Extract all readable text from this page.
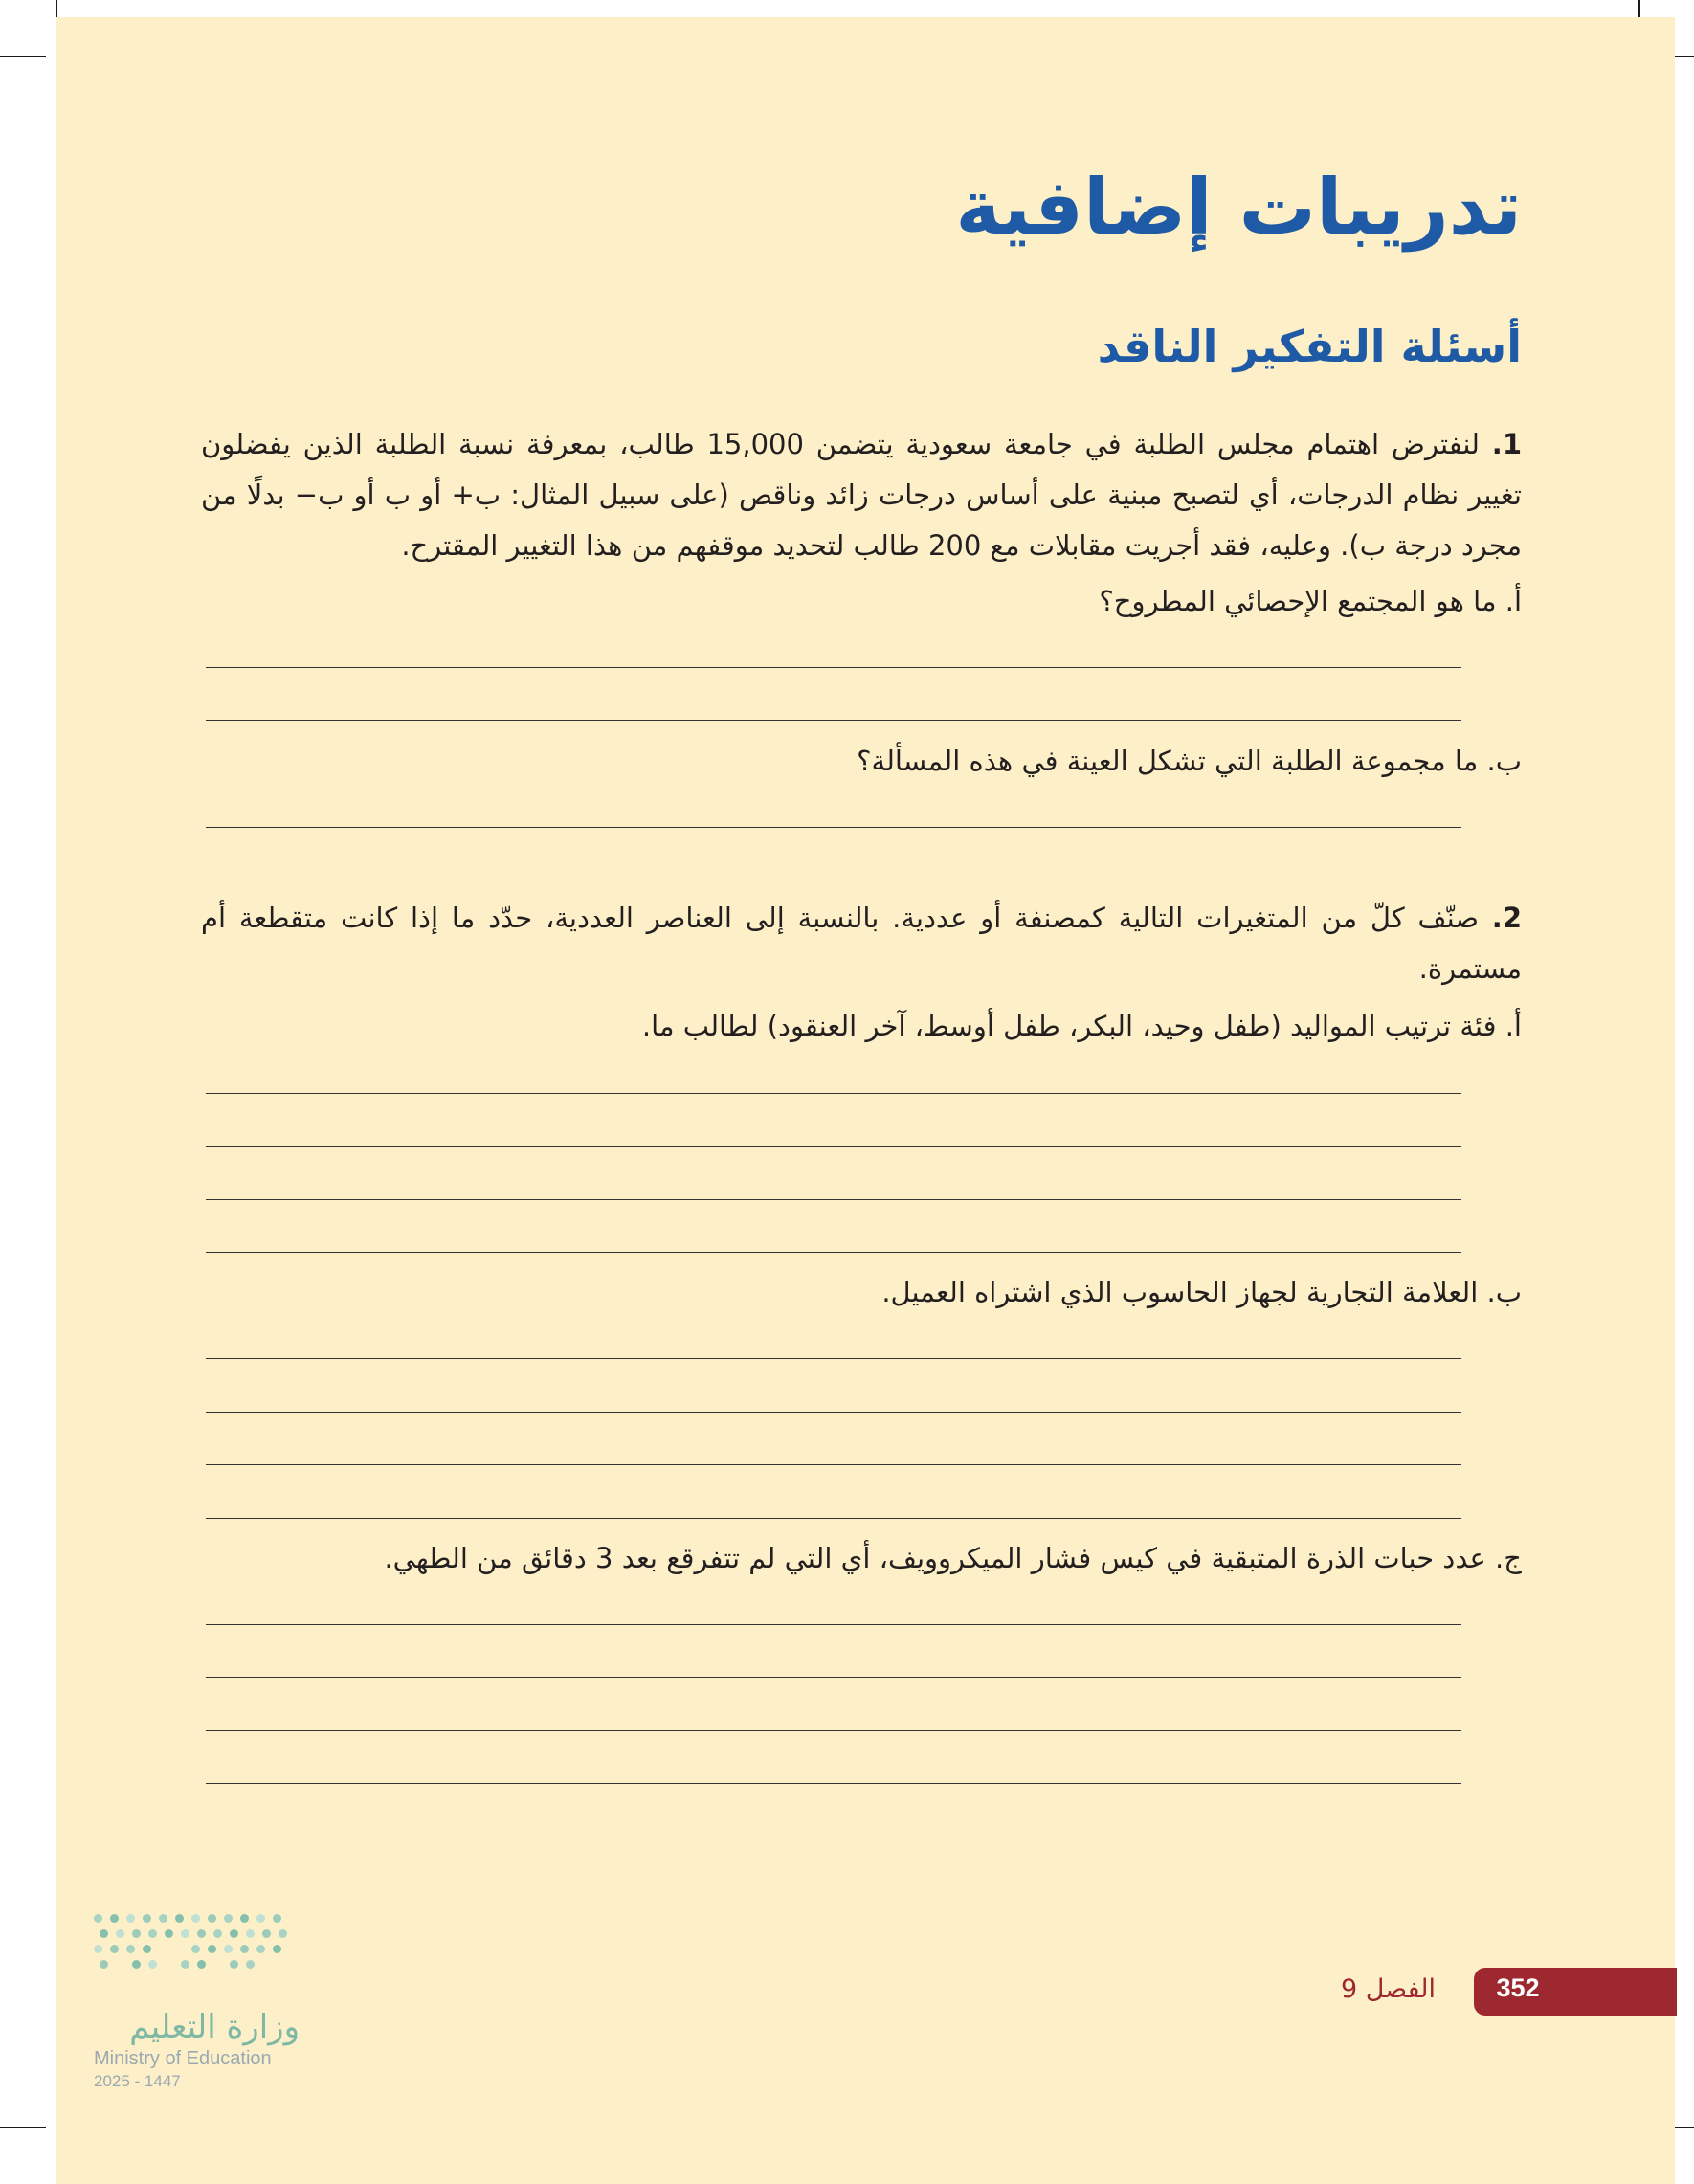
تدريبات إضافية
أسئلة التفكير الناقد
1. لنفترض اهتمام مجلس الطلبة في جامعة سعودية يتضمن 15,000 طالب، بمعرفة نسبة الطلبة الذين يفضلون تغيير نظام الدرجات، أي لتصبح مبنية على أساس درجات زائد وناقص (على سبيل المثال: ب+ أو ب أو ب− بدلًا من مجرد درجة ب). وعليه، فقد أجريت مقابلات مع 200 طالب لتحديد موقفهم من هذا التغيير المقترح.
أ. ما هو المجتمع الإحصائي المطروح؟
ب. ما مجموعة الطلبة التي تشكل العينة في هذه المسألة؟
2. صنّف كلّ من المتغيرات التالية كمصنفة أو عددية. بالنسبة إلى العناصر العددية، حدّد ما إذا كانت متقطعة أم مستمرة.
أ. فئة ترتيب المواليد (طفل وحيد، البكر، طفل أوسط، آخر العنقود) لطالب ما.
ب. العلامة التجارية لجهاز الحاسوب الذي اشتراه العميل.
ج. عدد حبات الذرة المتبقية في كيس فشار الميكروويف، أي التي لم تتفرقع بعد 3 دقائق من الطهي.
وزارة التعليم
Ministry of Education
2025 - 1447
352
الفصل 9
